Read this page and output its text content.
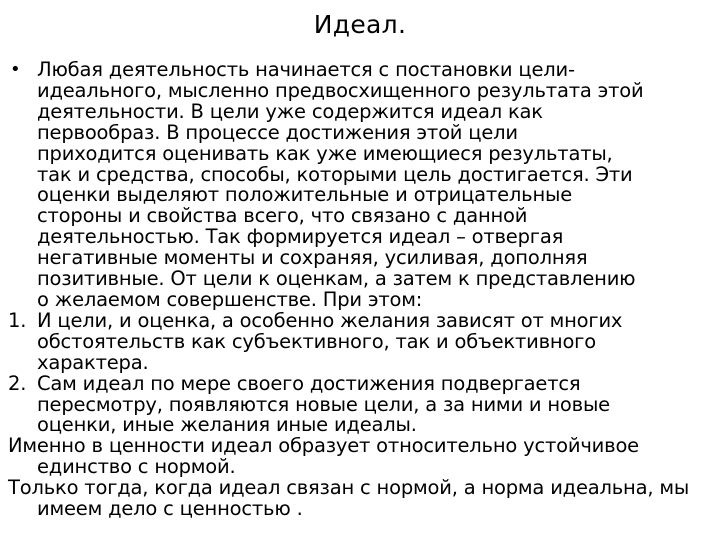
Идеал.
• Любая деятельность начинается с постановки цели-
идеального, мысленно предвосхищенного результата этой
деятельности. В цели уже содержится идеал как
первообраз. В процессе достижения этой цели
приходится оценивать как уже имеющиеся результаты,
так и средства, способы, которыми цель достигается. Эти
оценки выделяют положительные и отрицательные
стороны и свойства всего, что связано с данной
деятельностью. Так формируется идеал – отвергая
негативные моменты и сохраняя, усиливая, дополняя
позитивные. От цели к оценкам, а затем к представлению
о желаемом совершенстве. При этом:
1. И цели, и оценка, а особенно желания зависят от многих
обстоятельств как субъективного, так и объективного
характера.
2. Сам идеал по мере своего достижения подвергается
пересмотру, появляются новые цели, а за ними и новые
оценки, иные желания иные идеалы.
Именно в ценности идеал образует относительно устойчивое единство с нормой.
Только тогда, когда идеал связан с нормой, а норма идеальна, мы имеем дело с ценностью .
